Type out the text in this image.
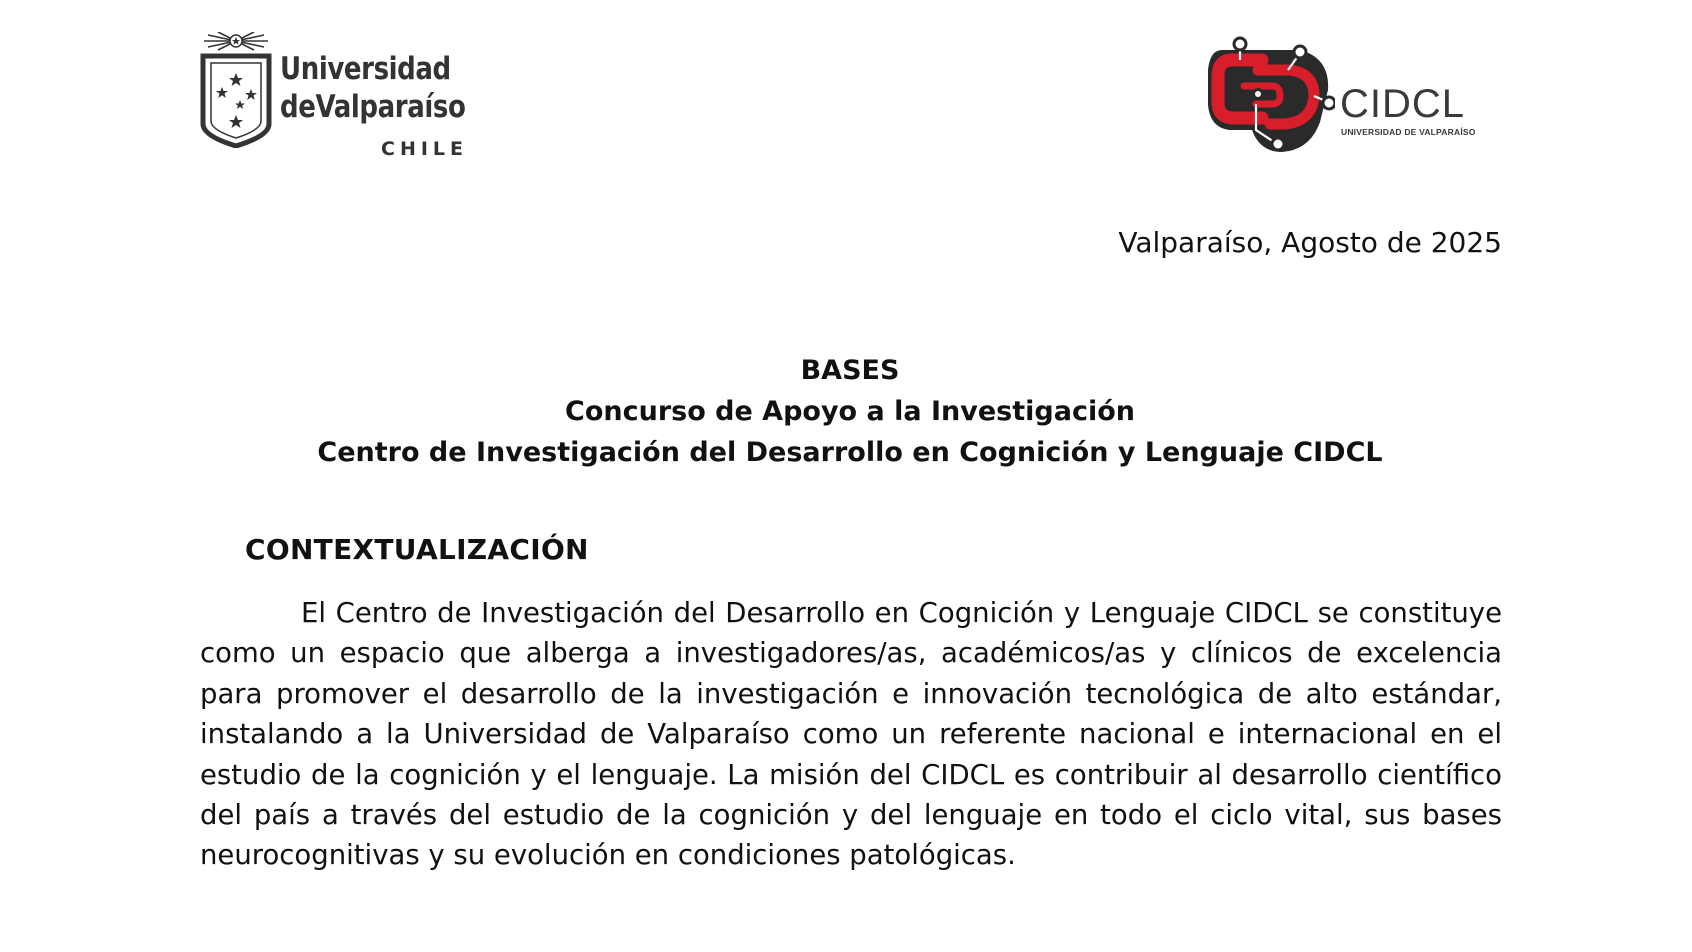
Universidad
deValparaíso
CHILE
CIDCL
UNIVERSIDAD DE VALPARAÍSO
Valparaíso, Agosto de 2025
BASES
Concurso de Apoyo a la Investigación
Centro de Investigación del Desarrollo en Cognición y Lenguaje CIDCL
CONTEXTUALIZACIÓN

El Centro de Investigación del Desarrollo en Cognición y Lenguaje CIDCL se constituye como un espacio que alberga a investigadores/as, académicos/as y clínicos de excelencia para promover el desarrollo de la investigación e innovación tecnológica de alto estándar, instalando a la Universidad de Valparaíso como un referente nacional e internacional en el estudio de la cognición y el lenguaje. La misión del CIDCL es contribuir al desarrollo científico del país a través del estudio de la cognición y del lenguaje en todo el ciclo vital, sus bases neurocognitivas y su evolución en condiciones patológicas.
